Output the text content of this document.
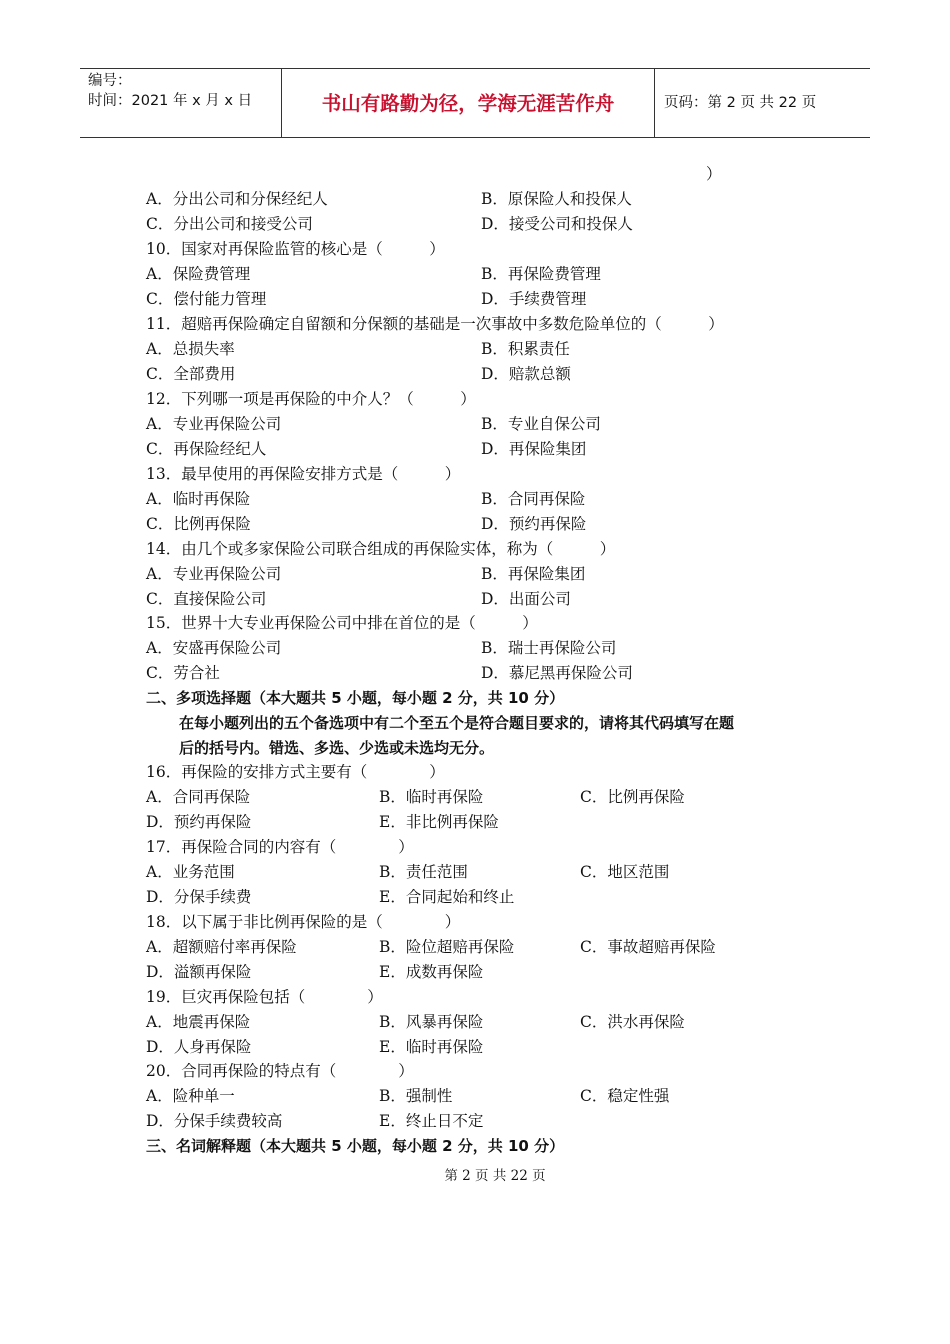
编号：
时间：2021 年 x 月 x 日	书山有路勤为径，学海无涯苦作舟	页码：第 2 页 共 22 页
）
A．分出公司和分保经纪人	B．原保险人和投保人
C．分出公司和接受公司	D．接受公司和投保人
10．国家对再保险监管的核心是（　　　）
A．保险费管理	B．再保险费管理
C．偿付能力管理	D．手续费管理
11．超赔再保险确定自留额和分保额的基础是一次事故中多数危险单位的（　　　）
A．总损失率	B．积累责任
C．全部费用	D．赔款总额
12．下列哪一项是再保险的中介人？（　　　）
A．专业再保险公司	B．专业自保公司
C．再保险经纪人	D．再保险集团
13．最早使用的再保险安排方式是（　　　）
A．临时再保险	B．合同再保险
C．比例再保险	D．预约再保险
14．由几个或多家保险公司联合组成的再保险实体，称为（　　　）
A．专业再保险公司	B．再保险集团
C．直接保险公司	D．出面公司
15．世界十大专业再保险公司中排在首位的是（　　　）
A．安盛再保险公司	B．瑞士再保险公司
C．劳合社	D．慕尼黑再保险公司
二、多项选择题（本大题共 5 小题，每小题 2 分，共 10 分）
在每小题列出的五个备选项中有二个至五个是符合题目要求的，请将其代码填写在题
后的括号内。错选、多选、少选或未选均无分。
16．再保险的安排方式主要有（　　　　）
A．合同再保险	B．临时再保险	C．比例再保险
D．预约再保险	E．非比例再保险
17．再保险合同的内容有（　　　　）
A．业务范围	B．责任范围	C．地区范围
D．分保手续费	E．合同起始和终止
18．以下属于非比例再保险的是（　　　　）
A．超额赔付率再保险	B．险位超赔再保险	C．事故超赔再保险
D．溢额再保险	E．成数再保险
19．巨灾再保险包括（　　　　）
A．地震再保险	B．风暴再保险	C．洪水再保险
D．人身再保险	E．临时再保险
20．合同再保险的特点有（　　　　）
A．险种单一	B．强制性	C．稳定性强
D．分保手续费较高	E．终止日不定
三、名词解释题（本大题共 5 小题，每小题 2 分，共 10 分）
第 2 页 共 22 页
